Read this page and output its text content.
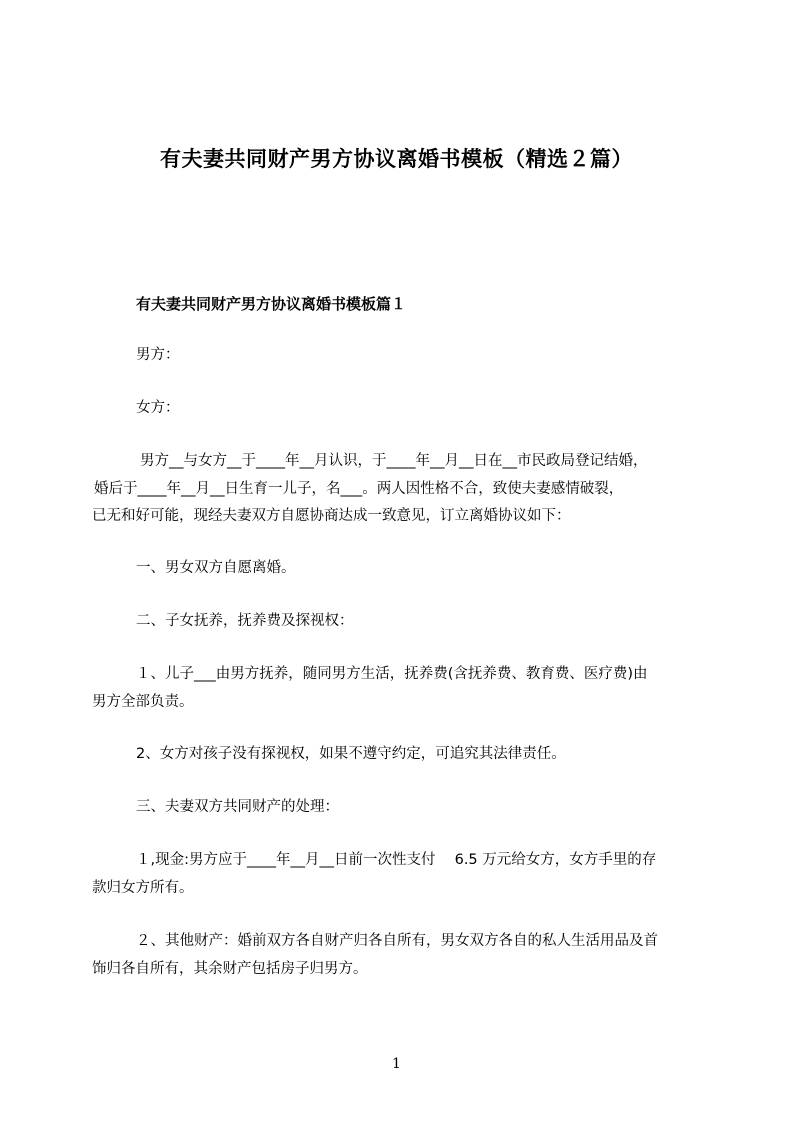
有夫妻共同财产男方协议离婚书模板（精选２篇）
有夫妻共同财产男方协议离婚书模板篇１

男方：

女方：

男方__与女方__于____年__月认识，于____年__月__日在__市民政局登记结婚，

婚后于____年__月__日生育一儿子，名___。两人因性格不合，致使夫妻感情破裂，

已无和好可能，现经夫妻双方自愿协商达成一致意见，订立离婚协议如下：

一、男女双方自愿离婚。

二、子女抚养，抚养费及探视权：

１、儿子___由男方抚养，随同男方生活，抚养费(含抚养费、教育费、医疗费)由

男方全部负责。

2、女方对孩子没有探视权，如果不遵守约定，可追究其法律责任。

三、夫妻双方共同财产的处理：

１,现金:男方应于____年__月__日前一次性支付　 6.5 万元给女方，女方手里的存

款归女方所有。

２、其他财产：婚前双方各自财产归各自所有，男女双方各自的私人生活用品及首

饰归各自所有，其余财产包括房子归男方。

1
